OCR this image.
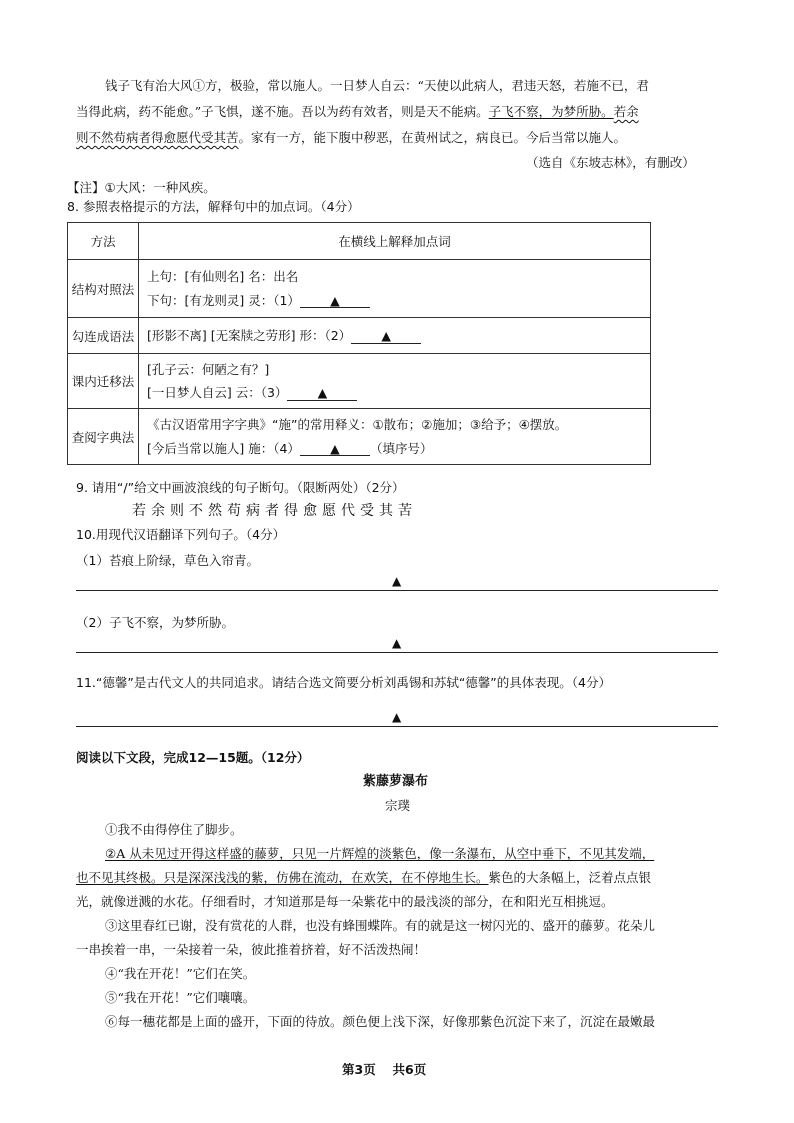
钱子飞有治大风①方，极验，常以施人。一日梦人自云：“天使以此病人，君违天怒，若施不已，君
当得此病，药不能愈。”子飞惧，遂不施。吾以为药有效者，则是天不能病。子飞不察，为梦所胁。若余
则不然苟病者得愈愿代受其苦。家有一方，能下腹中秽恶，在黄州试之，病良已。今后当常以施人。
（选自《东坡志林》，有删改）
【注】①大风：一种风疾。
8. 参照表格提示的方法，解释句中的加点词。（4分）
方法	在横线上解释加点词
结构对照法	上句：[有仙则名] 名：出名
下句：[有龙则灵] 灵：（1） ▲

勾连成语法	[形影不离] [无案牍之劳形] 形：（2） ▲

课内迁移法	[孔子云：何陋之有？]
[一日梦人自云] 云：（3） ▲

查阅字典法	《古汉语常用字字典》“施”的常用释义：①散布；②施加；③给予；④摆放。
[今后当常以施人] 施：（4） ▲ （填序号）
9. 请用“/”给文中画波浪线的句子断句。（限断两处）（2分）
若余则不然苟病者得愈愿代受其苦
10.用现代汉语翻译下列句子。（4分）
（1）苔痕上阶绿，草色入帘青。
▲
（2）子飞不察，为梦所胁。
▲
11.“德馨”是古代文人的共同追求。请结合选文简要分析刘禹锡和苏轼“德馨”的具体表现。（4分）
▲
阅读以下文段，完成12—15题。（12分）
紫藤萝瀑布
宗璞
①我不由得停住了脚步。
②A 从未见过开得这样盛的藤萝，只见一片辉煌的淡紫色，像一条瀑布，从空中垂下，不见其发端，
也不见其终极。只是深深浅浅的紫，仿佛在流动，在欢笑，在不停地生长。紫色的大条幅上，泛着点点银
光，就像迸溅的水花。仔细看时，才知道那是每一朵紫花中的最浅淡的部分，在和阳光互相挑逗。
③这里春红已谢，没有赏花的人群，也没有蜂围蝶阵。有的就是这一树闪光的、盛开的藤萝。花朵儿
一串挨着一串，一朵接着一朵，彼此推着挤着，好不活泼热闹！
④“我在开花！”它们在笑。
⑤“我在开花！”它们嚷嚷。
⑥每一穗花都是上面的盛开，下面的待放。颜色便上浅下深，好像那紫色沉淀下来了，沉淀在最嫩最
第3页　 共6页
